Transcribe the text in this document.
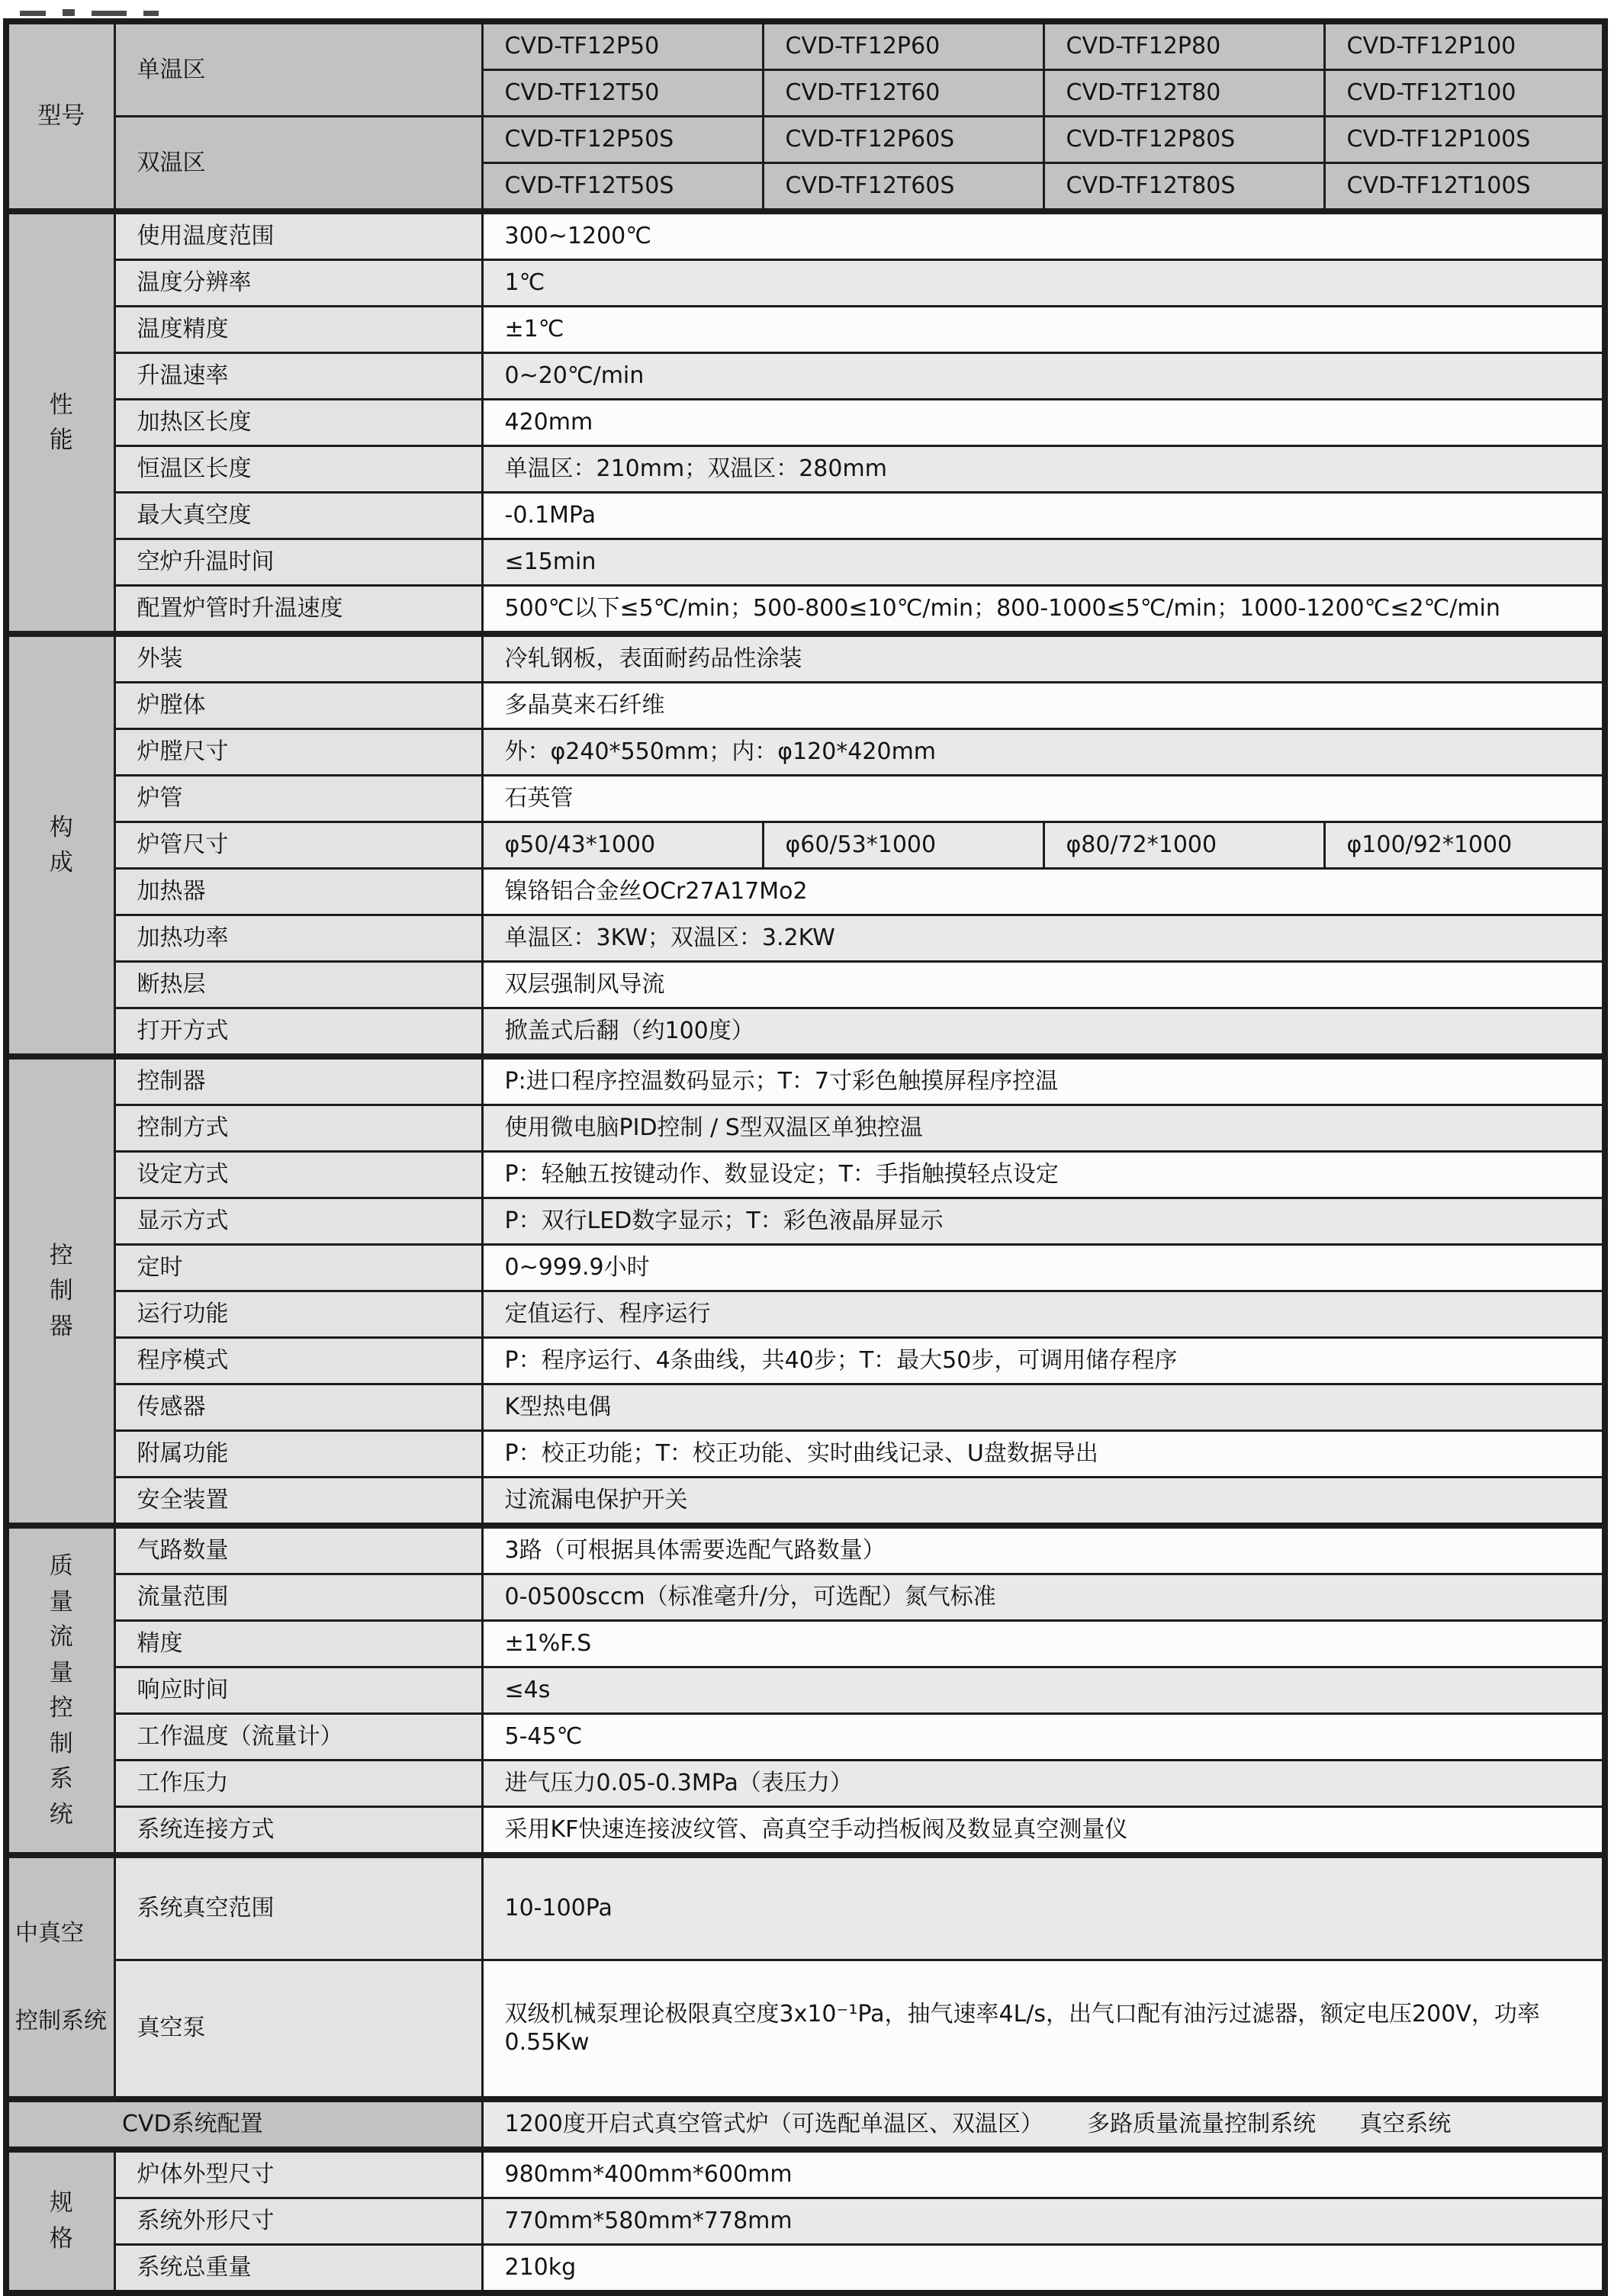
型号	单温区	CVD-TF12P50	CVD-TF12P60	CVD-TF12P80	CVD-TF12P100
		CVD-TF12T50	CVD-TF12T60	CVD-TF12T80	CVD-TF12T100
	双温区	CVD-TF12P50S	CVD-TF12P60S	CVD-TF12P80S	CVD-TF12P100S
		CVD-TF12T50S	CVD-TF12T60S	CVD-TF12T80S	CVD-TF12T100S
性能	使用温度范围	300~1200℃			
	温度分辨率	1℃			
	温度精度	±1℃			
	升温速率	0~20℃/min			
	加热区长度	420mm			
	恒温区长度	单温区：210mm；双温区：280mm			
	最大真空度	-0.1MPa			
	空炉升温时间	≤15min			
	配置炉管时升温速度	500℃以下≤5℃/min；500-800≤10℃/min；800-1000≤5℃/min；1000-1200℃≤2℃/min			
构成	外装	冷轧钢板，表面耐药品性涂装			
	炉膛体	多晶莫来石纤维			
	炉膛尺寸	外：φ240*550mm；内：φ120*420mm			
	炉管	石英管			
	炉管尺寸	φ50/43*1000	φ60/53*1000	φ80/72*1000	φ100/92*1000
	加热器	镍铬铝合金丝OCr27A17Mo2			
	加热功率	单温区：3KW；双温区：3.2KW			
	断热层	双层强制风导流			
	打开方式	掀盖式后翻（约100度）			
控制器	控制器	P:进口程序控温数码显示；T：7寸彩色触摸屏程序控温			
	控制方式	使用微电脑PID控制 / S型双温区单独控温			
	设定方式	P：轻触五按键动作、数显设定；T：手指触摸轻点设定			
	显示方式	P：双行LED数字显示；T：彩色液晶屏显示			
	定时	0~999.9小时			
	运行功能	定值运行、程序运行			
	程序模式	P：程序运行、4条曲线，共40步；T：最大50步，可调用储存程序			
	传感器	K型热电偶			
	附属功能	P：校正功能；T：校正功能、实时曲线记录、U盘数据导出			
	安全装置	过流漏电保护开关			
质量流量控制系统	气路数量	3路（可根据具体需要选配气路数量）			
	流量范围	0-0500sccm（标准毫升/分，可选配）氮气标准			
	精度	±1%F.S			
	响应时间	≤4s			
	工作温度（流量计）	5-45℃			
	工作压力	进气压力0.05-0.3MPa（表压力）			
	系统连接方式	采用KF快速连接波纹管、高真空手动挡板阀及数显真空测量仪			

中真空

控制系统	系统真空范围	10-100Pa			
	真空泵	双级机械泵理论极限真空度3x10⁻¹Pa，抽气速率4L/s，出气口配有油污过滤器，额定电压200V，功率0.55Kw			
CVD系统配置		1200度开启式真空管式炉（可选配单温区、双温区）      多路质量流量控制系统      真空系统			
规格	炉体外型尺寸	980mm*400mm*600mm			
	系统外形尺寸	770mm*580mm*778mm			
	系统总重量	210kg			
